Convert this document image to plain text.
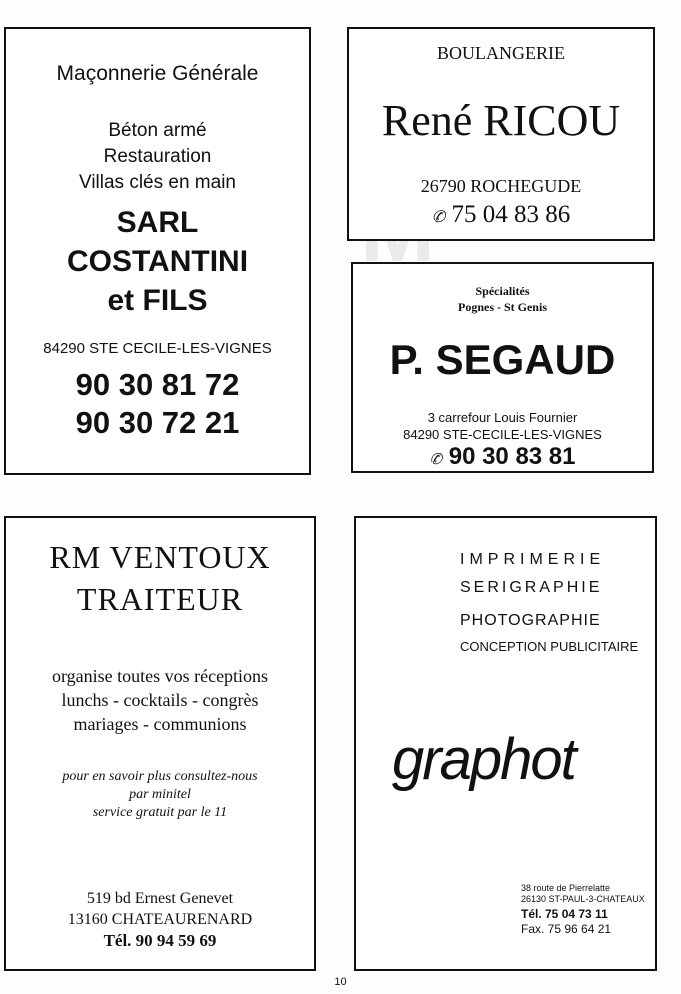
Maçonnerie Générale
Béton armé
Restauration
Villas clés en main
SARL
COSTANTINI
et FILS
84290 STE CECILE-LES-VIGNES
90 30 81 72
90 30 72 21
BOULANGERIE
René RICOU
26790 ROCHEGUDE
✆ 75 04 83 86
Spécialités
Pognes - St Genis
P. SEGAUD
3 carrefour Louis Fournier
84290 STE-CECILE-LES-VIGNES
✆ 90 30 83 81
RM VENTOUX
TRAITEUR
organise toutes vos réceptions
lunchs - cocktails - congrès
mariages - communions
pour en savoir plus consultez-nous
par minitel
service gratuit par le 11
519 bd Ernest Genevet
13160 CHATEAURENARD
Tél. 90 94 59 69
IMPRIMERIE
SERIGRAPHIE
PHOTOGRAPHIE
CONCEPTION PUBLICITAIRE
graphot
38 route de Pierrelatte
26130 ST-PAUL-3-CHATEAUX
Tél. 75 04 73 11
Fax. 75 96 64 21
10
